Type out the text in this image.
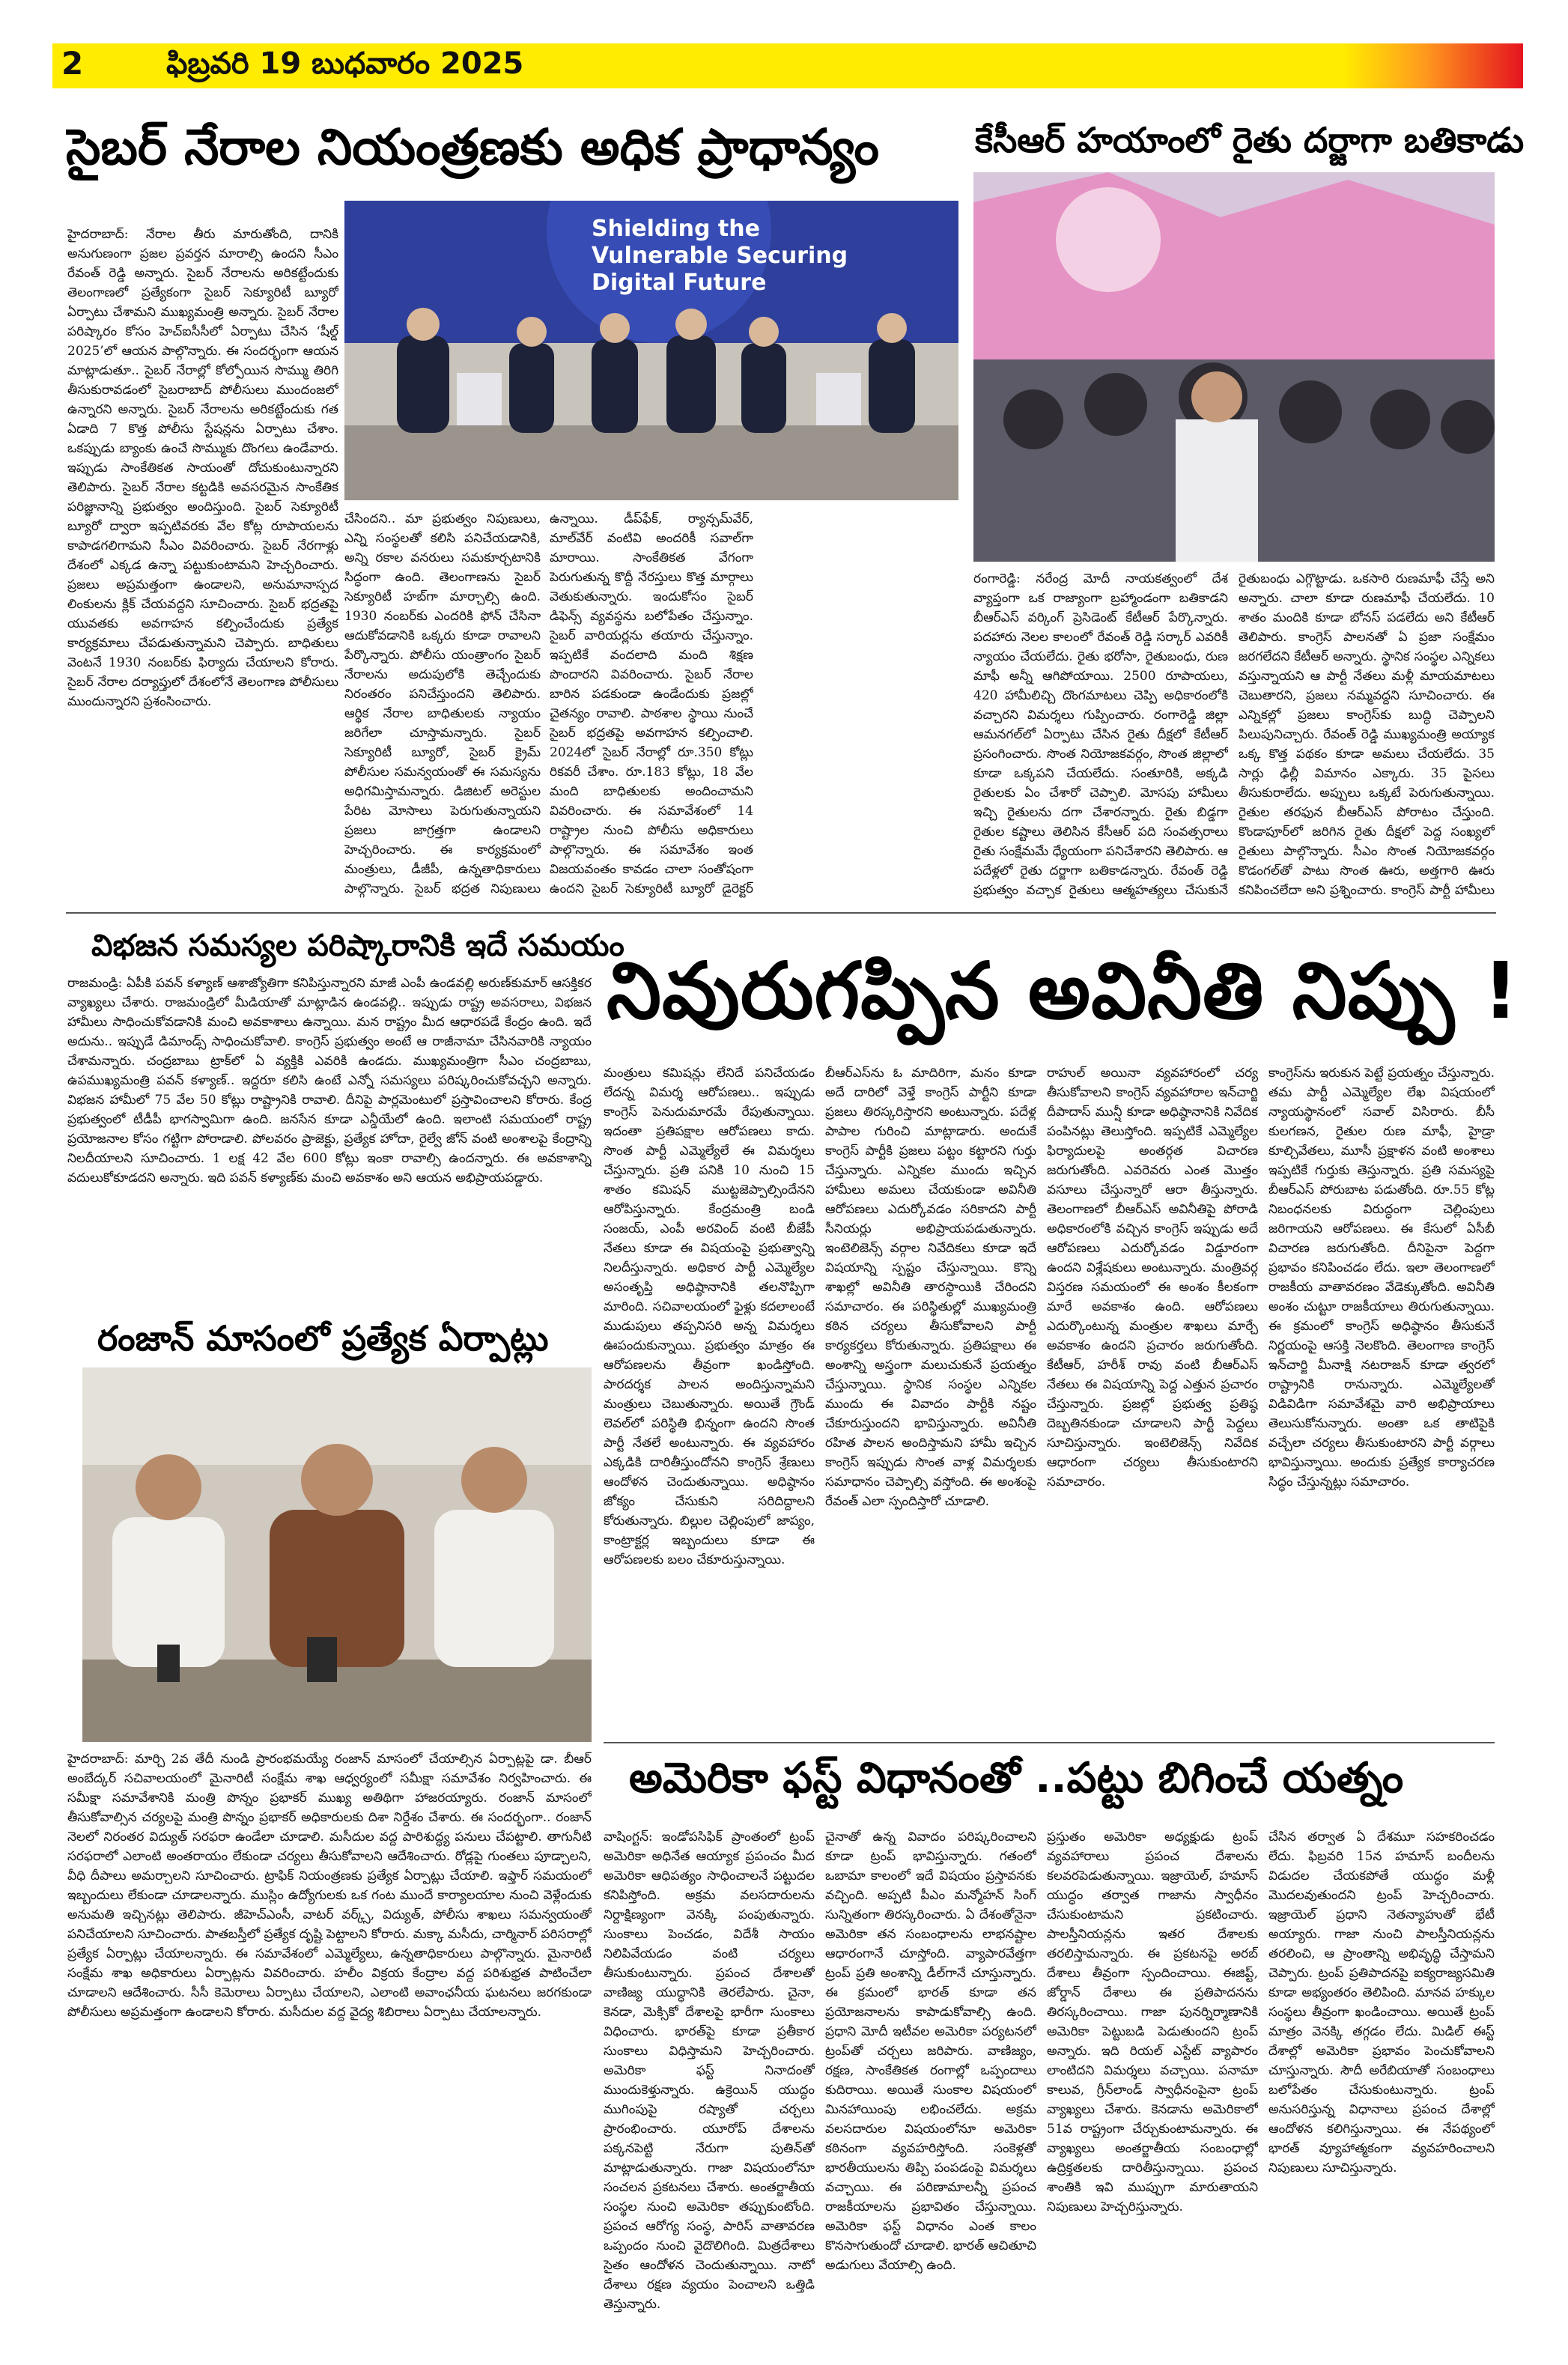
2	ఫిబ్రవరి 19 బుధవారం 2025
సైబర్ నేరాల నియంత్రణకు అధిక ప్రాధాన్యం
హైదరాబాద్: నేరాల తీరు మారుతోంది, దానికి అనుగుణంగా ప్రజల ప్రవర్తన మారాల్సి ఉందని సీఎం రేవంత్ రెడ్డి అన్నారు. సైబర్ నేరాలను అరికట్టేందుకు తెలంగాణలో ప్రత్యేకంగా సైబర్ సెక్యూరిటీ బ్యూరో ఏర్పాటు చేశామని ముఖ్యమంత్రి అన్నారు. సైబర్ నేరాల పరిష్కారం కోసం హెచ్ఐసీసీలో ఏర్పాటు చేసిన ‘షీల్డ్ 2025’లో ఆయన పాల్గొన్నారు. ఈ సందర్భంగా ఆయన మాట్లాడుతూ.. సైబర్ నేరాల్లో కోల్పోయిన సొమ్ము తిరిగి తీసుకురావడంలో సైబరాబాద్ పోలీసులు ముందంజలో ఉన్నారని అన్నారు. సైబర్ నేరాలను అరికట్టేందుకు గత ఏడాది 7 కొత్త పోలీసు స్టేషన్లను ఏర్పాటు చేశాం. ఒకప్పుడు బ్యాంకు ఉంచే సొమ్ముకు దొంగలు ఉండేవారు. ఇప్పుడు సాంకేతికత సాయంతో దోచుకుంటున్నారని తెలిపారు. సైబర్ నేరాల కట్టడికి అవసరమైన సాంకేతిక పరిజ్ఞానాన్ని ప్రభుత్వం అందిస్తుంది. సైబర్ సెక్యూరిటీ బ్యూరో ద్వారా ఇప్పటివరకు వేల కోట్ల రూపాయలను కాపాడగలిగామని సీఎం వివరించారు. సైబర్ నేరగాళ్లు దేశంలో ఎక్కడ ఉన్నా పట్టుకుంటామని హెచ్చరించారు. ప్రజలు అప్రమత్తంగా ఉండాలని, అనుమానాస్పద లింకులను క్లిక్ చేయవద్దని సూచించారు. సైబర్ భద్రతపై యువతకు అవగాహన కల్పించేందుకు ప్రత్యేక కార్యక్రమాలు చేపడుతున్నామని చెప్పారు. బాధితులు వెంటనే 1930 నంబర్‌కు ఫిర్యాదు చేయాలని కోరారు. సైబర్ నేరాల దర్యాప్తులో దేశంలోనే తెలంగాణ పోలీసులు ముందున్నారని ప్రశంసించారు.
Shielding the Vulnerable Securing Digital Future
చేసిందని.. మా ప్రభుత్వం నిపుణులు, ఎన్ని సంస్థలతో కలిసి పనిచేయడానికి, అన్ని రకాల వనరులు సమకూర్చటానికి సిద్ధంగా ఉంది. తెలంగాణను సైబర్ సెక్యూరిటీ హబ్‌గా మార్చాల్సి ఉంది. 1930 నంబర్‌కు ఎందరికి ఫోన్ చేసినా ఆదుకోవడానికి ఒక్కరు కూడా రావాలని పేర్కొన్నారు. పోలీసు యంత్రాంగం సైబర్ నేరాలను అదుపులోకి తెచ్చేందుకు నిరంతరం పనిచేస్తుందని తెలిపారు. ఆర్థిక నేరాల బాధితులకు న్యాయం జరిగేలా చూస్తామన్నారు. సైబర్ సెక్యూరిటీ బ్యూరో, సైబర్ క్రైమ్ పోలీసుల సమన్వయంతో ఈ సమస్యను అధిగమిస్తామన్నారు. డిజిటల్ అరెస్టుల పేరిట మోసాలు పెరుగుతున్నాయని ప్రజలు జాగ్రత్తగా ఉండాలని హెచ్చరించారు. ఈ కార్యక్రమంలో మంత్రులు, డీజీపీ, ఉన్నతాధికారులు పాల్గొన్నారు. సైబర్ భద్రత నిపుణులు
ఉన్నాయి. డీప్‌ఫేక్, ర్యాన్సమ్‌వేర్, మాల్‌వేర్ వంటివి అందరికీ సవాల్‌గా మారాయి. సాంకేతికత వేగంగా పెరుగుతున్న కొద్దీ నేరస్తులు కొత్త మార్గాలు వెతుకుతున్నారు. ఇందుకోసం సైబర్ డిఫెన్స్ వ్యవస్థను బలోపేతం చేస్తున్నాం. సైబర్ వారియర్లను తయారు చేస్తున్నాం. ఇప్పటికే వందలాది మంది శిక్షణ పొందారని వివరించారు. సైబర్ నేరాల బారిన పడకుండా ఉండేందుకు ప్రజల్లో చైతన్యం రావాలి. పాఠశాల స్థాయి నుంచే సైబర్ భద్రతపై అవగాహన కల్పించాలి. 2024లో సైబర్ నేరాల్లో రూ.350 కోట్లు రికవరీ చేశాం. రూ.183 కోట్లు, 18 వేల మంది బాధితులకు అందించామని వివరించారు. ఈ సమావేశంలో 14 రాష్ట్రాల నుంచి పోలీసు అధికారులు పాల్గొన్నారు. ఈ సమావేశం ఇంత విజయవంతం కావడం చాలా సంతోషంగా ఉందని సైబర్ సెక్యూరిటీ బ్యూరో డైరెక్టర్
కేసీఆర్ హయాంలో రైతు దర్జాగా బతికాడు
రంగారెడ్డి: నరేంద్ర మోదీ నాయకత్వంలో దేశ వ్యాప్తంగా ఒక రాజ్యాంగా బ్రహ్మాండంగా బతికాడని బీఆర్‌ఎస్ వర్కింగ్ ప్రెసిడెంట్ కేటీఆర్ పేర్కొన్నారు. పదహారు నెలల కాలంలో రేవంత్ రెడ్డి సర్కార్ ఎవరికీ న్యాయం చేయలేదు. రైతు భరోసా, రైతుబంధు, రుణ మాఫీ అన్నీ ఆగిపోయాయి. 2500 రూపాయలు, 420 హామీలిచ్చి దొంగమాటలు చెప్పి అధికారంలోకి వచ్చారని విమర్శలు గుప్పించారు. రంగారెడ్డి జిల్లా ఆమనగల్‌లో ఏర్పాటు చేసిన రైతు దీక్షలో కేటీఆర్ ప్రసంగించారు. సొంత నియోజకవర్గం, సొంత జిల్లాలో కూడా ఒక్కపని చేయలేదు. సంతూరికి, అక్కడి రైతులకు ఏం చేశారో చెప్పాలి. మోసపు హామీలు ఇచ్చి రైతులను దగా చేశారన్నారు. రైతు బిడ్డగా రైతుల కష్టాలు తెలిసిన కేసీఆర్ పది సంవత్సరాలు రైతు సంక్షేమమే ధ్యేయంగా పనిచేశారని తెలిపారు. ఆ పదేళ్లలో రైతు దర్జాగా బతికాడన్నారు. రేవంత్ రెడ్డి ప్రభుత్వం వచ్చాక రైతులు ఆత్మహత్యలు చేసుకునే
రైతుబంధు ఎగ్గొట్టాడు. ఒకసారి రుణమాఫీ చేస్తే అని అన్నారు. చాలా కూడా రుణమాఫీ చేయలేదు. 10 శాతం మందికి కూడా బోనస్ పడలేదు అని కేటీఆర్ తెలిపారు. కాంగ్రెస్ పాలనతో ఏ ప్రజా సంక్షేమం జరగలేదని కేటీఆర్ అన్నారు. స్థానిక సంస్థల ఎన్నికలు వస్తున్నాయని ఆ పార్టీ నేతలు మళ్లీ మాయమాటలు చెబుతారని, ప్రజలు నమ్మవద్దని సూచించారు. ఈ ఎన్నికల్లో ప్రజలు కాంగ్రెస్‌కు బుద్ధి చెప్పాలని పిలుపునిచ్చారు. రేవంత్ రెడ్డి ముఖ్యమంత్రి అయ్యాక ఒక్క కొత్త పథకం కూడా అమలు చేయలేదు. 35 సార్లు ఢిల్లీ విమానం ఎక్కారు. 35 పైసలు తీసుకురాలేదు. అప్పులు ఒక్కటే పెరుగుతున్నాయి. రైతుల తరఫున బీఆర్‌ఎస్ పోరాటం చేస్తుంది. కొండాపూర్‌లో జరిగిన రైతు దీక్షలో పెద్ద సంఖ్యలో రైతులు పాల్గొన్నారు. సీఎం సొంత నియోజకవర్గం కొడంగల్‌తో పాటు సొంత ఊరు, అత్తగారి ఊరు కనిపించలేదా అని ప్రశ్నించారు. కాంగ్రెస్ పార్టీ హామీలు
విభజన సమస్యల పరిష్కారానికి ఇదే సమయం
రాజమండ్రి: ఏపీకి పవన్ కళ్యాణ్ ఆశాజ్యోతిగా కనిపిస్తున్నారని మాజీ ఎంపీ ఉండవల్లి అరుణ్‌కుమార్ ఆసక్తికర వ్యాఖ్యలు చేశారు. రాజమండ్రిలో మీడియాతో మాట్లాడిన ఉండవల్లి.. ఇప్పుడు రాష్ట్ర అవసరాలు, విభజన హామీలు సాధించుకోవడానికి మంచి అవకాశాలు ఉన్నాయి. మన రాష్ట్రం మీద ఆధారపడే కేంద్రం ఉంది. ఇదే అదును.. ఇప్పుడే డిమాండ్స్ సాధించుకోవాలి. కాంగ్రెస్ ప్రభుత్వం అంటే ఆ రాజీనామా చేసినవారికి న్యాయం చేశామన్నారు. చంద్రబాబు ట్రాక్‌లో ఏ వ్యక్తికి ఎవరికి ఉండదు. ముఖ్యమంత్రిగా సీఎం చంద్రబాబు, ఉపముఖ్యమంత్రి పవన్ కళ్యాణ్.. ఇద్దరూ కలిసి ఉంటే ఎన్నో సమస్యలు పరిష్కరించుకోవచ్చని అన్నారు. విభజన హామీలో 75 వేల 50 కోట్లు రాష్ట్రానికి రావాలి. దీనిపై పార్లమెంటులో ప్రస్తావించాలని కోరారు. కేంద్ర ప్రభుత్వంలో టీడీపీ భాగస్వామిగా ఉంది. జనసేన కూడా ఎన్డీయేలో ఉంది. ఇలాంటి సమయంలో రాష్ట్ర ప్రయోజనాల కోసం గట్టిగా పోరాడాలి. పోలవరం ప్రాజెక్టు, ప్రత్యేక హోదా, రైల్వే జోన్ వంటి అంశాలపై కేంద్రాన్ని నిలదీయాలని సూచించారు. 1 లక్ష 42 వేల 600 కోట్లు ఇంకా రావాల్సి ఉందన్నారు. ఈ అవకాశాన్ని వదులుకోకూడదని అన్నారు. ఇది పవన్ కళ్యాణ్‌కు మంచి అవకాశం అని ఆయన అభిప్రాయపడ్డారు.
నివురుగప్పిన అవినీతి నిప్పు !
మంత్రులు కమిషన్లు లేనిదే పనిచేయడం లేదన్న విమర్శ ఆరోపణలు.. ఇప్పుడు కాంగ్రెస్ పెనుదుమారమే రేపుతున్నాయి. ఇదంతా ప్రతిపక్షాల ఆరోపణలు కాదు. సొంత పార్టీ ఎమ్మెల్యేలే ఈ విమర్శలు చేస్తున్నారు. ప్రతి పనికి 10 నుంచి 15 శాతం కమిషన్ ముట్టజెప్పాల్సిందేనని ఆరోపిస్తున్నారు. కేంద్రమంత్రి బండి సంజయ్, ఎంపీ అరవింద్ వంటి బీజేపీ నేతలు కూడా ఈ విషయంపై ప్రభుత్వాన్ని నిలదీస్తున్నారు. అధికార పార్టీ ఎమ్మెల్యేల అసంతృప్తి అధిష్ఠానానికి తలనొప్పిగా మారింది. సచివాలయంలో ఫైళ్లు కదలాలంటే ముడుపులు తప్పనిసరి అన్న విమర్శలు ఊపందుకున్నాయి. ప్రభుత్వం మాత్రం ఈ ఆరోపణలను తీవ్రంగా ఖండిస్తోంది. పారదర్శక పాలన అందిస్తున్నామని మంత్రులు చెబుతున్నారు. అయితే గ్రౌండ్ లెవల్‌లో పరిస్థితి భిన్నంగా ఉందని సొంత పార్టీ నేతలే అంటున్నారు. ఈ వ్యవహారం ఎక్కడికి దారితీస్తుందోనని కాంగ్రెస్ శ్రేణులు ఆందోళన చెందుతున్నాయి. అధిష్ఠానం జోక్యం చేసుకుని సరిదిద్దాలని కోరుతున్నారు. బిల్లుల చెల్లింపులో జాప్యం, కాంట్రాక్టర్ల ఇబ్బందులు కూడా ఈ ఆరోపణలకు బలం చేకూరుస్తున్నాయి.
బీఆర్‌ఎస్‌ను ఓ మాదిరిగా, మనం కూడా అదే దారిలో వెళ్తే కాంగ్రెస్ పార్టీని కూడా ప్రజలు తిరస్కరిస్తారని అంటున్నారు. పదేళ్ల పాపాల గురించి మాట్లాడారు. అందుకే కాంగ్రెస్ పార్టీకి ప్రజలు పట్టం కట్టారని గుర్తు చేస్తున్నారు. ఎన్నికల ముందు ఇచ్చిన హామీలు అమలు చేయకుండా అవినీతి ఆరోపణలు ఎదుర్కోవడం సరికాదని పార్టీ సీనియర్లు అభిప్రాయపడుతున్నారు. ఇంటెలిజెన్స్ వర్గాల నివేదికలు కూడా ఇదే విషయాన్ని స్పష్టం చేస్తున్నాయి. కొన్ని శాఖల్లో అవినీతి తారస్థాయికి చేరిందని సమాచారం. ఈ పరిస్థితుల్లో ముఖ్యమంత్రి కఠిన చర్యలు తీసుకోవాలని పార్టీ కార్యకర్తలు కోరుతున్నారు. ప్రతిపక్షాలు ఈ అంశాన్ని అస్త్రంగా మలుచుకునే ప్రయత్నం చేస్తున్నాయి. స్థానిక సంస్థల ఎన్నికల ముందు ఈ వివాదం పార్టీకి నష్టం చేకూరుస్తుందని భావిస్తున్నారు. అవినీతి రహిత పాలన అందిస్తామని హామీ ఇచ్చిన కాంగ్రెస్ ఇప్పుడు సొంత వాళ్ల విమర్శలకు సమాధానం చెప్పాల్సి వస్తోంది. ఈ అంశంపై రేవంత్ ఎలా స్పందిస్తారో చూడాలి.
రాహుల్ అయినా వ్యవహారంలో చర్య తీసుకోవాలని కాంగ్రెస్ వ్యవహారాల ఇన్‌చార్జి దీపాదాస్ మున్షీ కూడా అధిష్ఠానానికి నివేదిక పంపినట్లు తెలుస్తోంది. ఇప్పటికే ఎమ్మెల్యేల ఫిర్యాదులపై అంతర్గత విచారణ జరుగుతోంది. ఎవరెవరు ఎంత మొత్తం వసూలు చేస్తున్నారో ఆరా తీస్తున్నారు. తెలంగాణలో బీఆర్‌ఎస్ అవినీతిపై పోరాడి అధికారంలోకి వచ్చిన కాంగ్రెస్ ఇప్పుడు అదే ఆరోపణలు ఎదుర్కోవడం విడ్డూరంగా ఉందని విశ్లేషకులు అంటున్నారు. మంత్రివర్గ విస్తరణ సమయంలో ఈ అంశం కీలకంగా మారే అవకాశం ఉంది. ఆరోపణలు ఎదుర్కొంటున్న మంత్రుల శాఖలు మార్చే అవకాశం ఉందని ప్రచారం జరుగుతోంది. కేటీఆర్, హరీశ్ రావు వంటి బీఆర్‌ఎస్ నేతలు ఈ విషయాన్ని పెద్ద ఎత్తున ప్రచారం చేస్తున్నారు. ప్రజల్లో ప్రభుత్వ ప్రతిష్ఠ దెబ్బతినకుండా చూడాలని పార్టీ పెద్దలు సూచిస్తున్నారు. ఇంటెలిజెన్స్ నివేదిక ఆధారంగా చర్యలు తీసుకుంటారని సమాచారం.
కాంగ్రెస్‌ను ఇరుకున పెట్టే ప్రయత్నం చేస్తున్నారు. తమ పార్టీ ఎమ్మెల్యేల లేఖ విషయంలో న్యాయస్థానంలో సవాల్ విసిరారు. బీసీ కులగణన, రైతుల రుణ మాఫీ, హైడ్రా కూల్చివేతలు, మూసీ ప్రక్షాళన వంటి అంశాలు ఇప్పటికే గుర్తుకు తెస్తున్నారు. ప్రతి సమస్యపై బీఆర్‌ఎస్ పోరుబాట పడుతోంది. రూ.55 కోట్ల నిబంధనలకు విరుద్ధంగా చెల్లింపులు జరిగాయని ఆరోపణలు. ఈ కేసులో ఏసీబీ విచారణ జరుగుతోంది. దీనిపైనా పెద్దగా ప్రభావం కనిపించడం లేదు. ఇలా తెలంగాణలో రాజకీయ వాతావరణం వేడెక్కుతోంది. అవినీతి అంశం చుట్టూ రాజకీయాలు తిరుగుతున్నాయి. ఈ క్రమంలో కాంగ్రెస్ అధిష్ఠానం తీసుకునే నిర్ణయంపై ఆసక్తి నెలకొంది. తెలంగాణ కాంగ్రెస్ ఇన్‌చార్జి మీనాక్షి నటరాజన్ కూడా త్వరలో రాష్ట్రానికి రానున్నారు. ఎమ్మెల్యేలతో విడివిడిగా సమావేశమై వారి అభిప్రాయాలు తెలుసుకోనున్నారు. అంతా ఒక తాటిపైకి వచ్చేలా చర్యలు తీసుకుంటారని పార్టీ వర్గాలు భావిస్తున్నాయి. అందుకు ప్రత్యేక కార్యాచరణ సిద్ధం చేస్తున్నట్లు సమాచారం.
రంజాన్ మాసంలో ప్రత్యేక ఏర్పాట్లు
హైదరాబాద్: మార్చి 2వ తేదీ నుండి ప్రారంభమయ్యే రంజాన్ మాసంలో చేయాల్సిన ఏర్పాట్లపై డా. బీఆర్ అంబేద్కర్ సచివాలయంలో మైనారిటీ సంక్షేమ శాఖ ఆధ్వర్యంలో సమీక్షా సమావేశం నిర్వహించారు. ఈ సమీక్షా సమావేశానికి మంత్రి పొన్నం ప్రభాకర్ ముఖ్య అతిథిగా హాజరయ్యారు. రంజాన్ మాసంలో తీసుకోవాల్సిన చర్యలపై మంత్రి పొన్నం ప్రభాకర్ అధికారులకు దిశా నిర్దేశం చేశారు. ఈ సందర్భంగా.. రంజాన్ నెలలో నిరంతర విద్యుత్ సరఫరా ఉండేలా చూడాలి. మసీదుల వద్ద పారిశుద్ధ్య పనులు చేపట్టాలి. తాగునీటి సరఫరాలో ఎలాంటి అంతరాయం లేకుండా చర్యలు తీసుకోవాలని ఆదేశించారు. రోడ్లపై గుంతలు పూడ్చాలని, వీధి దీపాలు అమర్చాలని సూచించారు. ట్రాఫిక్ నియంత్రణకు ప్రత్యేక ఏర్పాట్లు చేయాలి. ఇఫ్తార్ సమయంలో ఇబ్బందులు లేకుండా చూడాలన్నారు. ముస్లిం ఉద్యోగులకు ఒక గంట ముందే కార్యాలయాల నుంచి వెళ్లేందుకు అనుమతి ఇచ్చినట్లు తెలిపారు. జీహెచ్ఎంసీ, వాటర్ వర్క్స్, విద్యుత్, పోలీసు శాఖలు సమన్వయంతో పనిచేయాలని సూచించారు. పాతబస్తీలో ప్రత్యేక దృష్టి పెట్టాలని కోరారు. మక్కా మసీదు, చార్మినార్ పరిసరాల్లో ప్రత్యేక ఏర్పాట్లు చేయాలన్నారు. ఈ సమావేశంలో ఎమ్మెల్యేలు, ఉన్నతాధికారులు పాల్గొన్నారు. మైనారిటీ సంక్షేమ శాఖ అధికారులు ఏర్పాట్లను వివరించారు. హలీం విక్రయ కేంద్రాల వద్ద పరిశుభ్రత పాటించేలా చూడాలని ఆదేశించారు. సీసీ కెమెరాలు ఏర్పాటు చేయాలని, ఎలాంటి అవాంఛనీయ ఘటనలు జరగకుండా పోలీసులు అప్రమత్తంగా ఉండాలని కోరారు. మసీదుల వద్ద వైద్య శిబిరాలు ఏర్పాటు చేయాలన్నారు.
అమెరికా ఫస్ట్ విధానంతో ..పట్టు బిగించే యత్నం
వాషింగ్టన్: ఇండోపసిఫిక్ ప్రాంతంలో ట్రంప్ అమెరికా అధినేత ఆయ్యాక ప్రపంచం మీద అమెరికా ఆధిపత్యం సాధించాలనే పట్టుదల కనిపిస్తోంది. అక్రమ వలసదారులను నిర్దాక్షిణ్యంగా వెనక్కి పంపుతున్నారు. సుంకాలు పెంచడం, విదేశీ సాయం నిలిపివేయడం వంటి చర్యలు తీసుకుంటున్నారు. ప్రపంచ దేశాలతో వాణిజ్య యుద్ధానికి తెరలేపారు. చైనా, కెనడా, మెక్సికో దేశాలపై భారీగా సుంకాలు విధించారు. భారత్‌పై కూడా ప్రతీకార సుంకాలు విధిస్తామని హెచ్చరించారు. అమెరికా ఫస్ట్ నినాదంతో ముందుకెళ్తున్నారు. ఉక్రెయిన్ యుద్ధం ముగింపుపై రష్యాతో చర్చలు ప్రారంభించారు. యూరోప్ దేశాలను పక్కనపెట్టి నేరుగా పుతిన్‌తో మాట్లాడుతున్నారు. గాజా విషయంలోనూ సంచలన ప్రకటనలు చేశారు. అంతర్జాతీయ సంస్థల నుంచి అమెరికా తప్పుకుంటోంది. ప్రపంచ ఆరోగ్య సంస్థ, పారిస్ వాతావరణ ఒప్పందం నుంచి వైదొలిగింది. మిత్రదేశాలు సైతం ఆందోళన చెందుతున్నాయి. నాటో దేశాలు రక్షణ వ్యయం పెంచాలని ఒత్తిడి తెస్తున్నారు.
చైనాతో ఉన్న వివాదం పరిష్కరించాలని కూడా ట్రంప్ భావిస్తున్నారు. గతంలో ఒబామా కాలంలో ఇదే విషయం ప్రస్తావనకు వచ్చింది. అప్పటి పీఎం మన్మోహన్ సింగ్ సున్నితంగా తిరస్కరించారు. ఏ దేశంతోనైనా అమెరికా తన సంబంధాలను లాభనష్టాల ఆధారంగానే చూస్తోంది. వ్యాపారవేత్తగా ట్రంప్ ప్రతి అంశాన్ని డీల్‌గానే చూస్తున్నారు. ఈ క్రమంలో భారత్ కూడా తన ప్రయోజనాలను కాపాడుకోవాల్సి ఉంది. ప్రధాని మోదీ ఇటీవల అమెరికా పర్యటనలో ట్రంప్‌తో చర్చలు జరిపారు. వాణిజ్యం, రక్షణ, సాంకేతికత రంగాల్లో ఒప్పందాలు కుదిరాయి. అయితే సుంకాల విషయంలో మినహాయింపు లభించలేదు. అక్రమ వలసదారుల విషయంలోనూ అమెరికా కఠినంగా వ్యవహరిస్తోంది. సంకెళ్లతో భారతీయులను తిప్పి పంపడంపై విమర్శలు వచ్చాయి. ఈ పరిణామాలన్నీ ప్రపంచ రాజకీయాలను ప్రభావితం చేస్తున్నాయి. అమెరికా ఫస్ట్ విధానం ఎంత కాలం కొనసాగుతుందో చూడాలి. భారత్ ఆచితూచి అడుగులు వేయాల్సి ఉంది.
ప్రస్తుతం అమెరికా అధ్యక్షుడు ట్రంప్ వ్యవహారాలు ప్రపంచ దేశాలను కలవరపెడుతున్నాయి. ఇజ్రాయెల్, హమాస్ యుద్ధం తర్వాత గాజాను స్వాధీనం చేసుకుంటామని ప్రకటించారు. పాలస్తీనియన్లను ఇతర దేశాలకు తరలిస్తామన్నారు. ఈ ప్రకటనపై అరబ్ దేశాలు తీవ్రంగా స్పందించాయి. ఈజిప్ట్, జోర్డాన్ దేశాలు ఈ ప్రతిపాదనను తిరస్కరించాయి. గాజా పునర్నిర్మాణానికి అమెరికా పెట్టుబడి పెడుతుందని ట్రంప్ అన్నారు. ఇది రియల్ ఎస్టేట్ వ్యాపారం లాంటిదని విమర్శలు వచ్చాయి. పనామా కాలువ, గ్రీన్‌లాండ్ స్వాధీనంపైనా ట్రంప్ వ్యాఖ్యలు చేశారు. కెనడాను అమెరికాలో 51వ రాష్ట్రంగా చేర్చుకుంటామన్నారు. ఈ వ్యాఖ్యలు అంతర్జాతీయ సంబంధాల్లో ఉద్రిక్తతలకు దారితీస్తున్నాయి. ప్రపంచ శాంతికి ఇవి ముప్పుగా మారుతాయని నిపుణులు హెచ్చరిస్తున్నారు.
చేసిన తర్వాత ఏ దేశమూ సహకరించడం లేదు. ఫిబ్రవరి 15న హమాస్ బందీలను విడుదల చేయకపోతే యుద్ధం మళ్లీ మొదలవుతుందని ట్రంప్ హెచ్చరించారు. ఇజ్రాయెల్ ప్రధాని నెతన్యాహుతో భేటీ అయ్యారు. గాజా నుంచి పాలస్తీనియన్లను తరలించి, ఆ ప్రాంతాన్ని అభివృద్ధి చేస్తామని చెప్పారు. ట్రంప్ ప్రతిపాదనపై ఐక్యరాజ్యసమితి కూడా అభ్యంతరం తెలిపింది. మానవ హక్కుల సంస్థలు తీవ్రంగా ఖండించాయి. అయితే ట్రంప్ మాత్రం వెనక్కి తగ్గడం లేదు. మిడిల్ ఈస్ట్ దేశాల్లో అమెరికా ప్రభావం పెంచుకోవాలని చూస్తున్నారు. సౌదీ అరేబియాతో సంబంధాలు బలోపేతం చేసుకుంటున్నారు. ట్రంప్ అనుసరిస్తున్న విధానాలు ప్రపంచ దేశాల్లో ఆందోళన కలిగిస్తున్నాయి. ఈ నేపథ్యంలో భారత్ వ్యూహాత్మకంగా వ్యవహరించాలని నిపుణులు సూచిస్తున్నారు.
